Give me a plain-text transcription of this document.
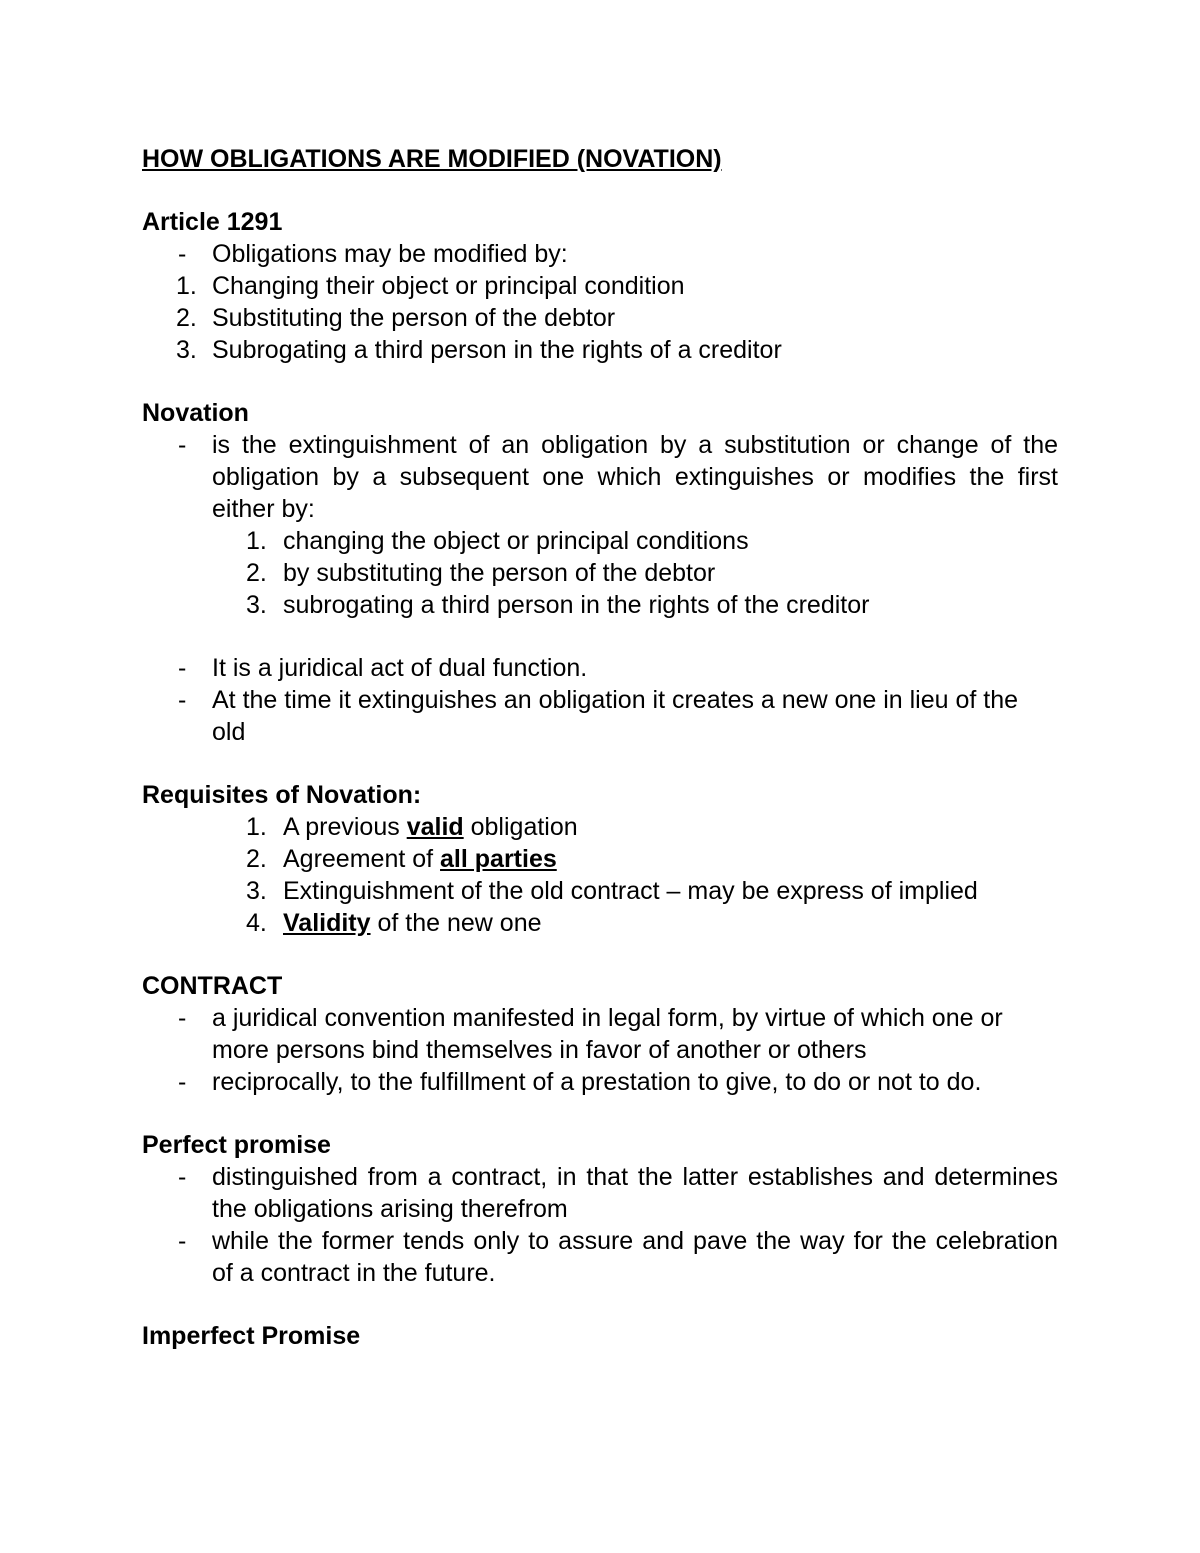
HOW OBLIGATIONS ARE MODIFIED (NOVATION)

Article 1291

- Obligations may be modified by:
1. Changing their object or principal condition
2. Substituting the person of the debtor
3. Subrogating a third person in the rights of a creditor

Novation

- is the extinguishment of an obligation by a substitution or change of the obligation by a subsequent one which extinguishes or modifies the first either by:
1. changing the object or principal conditions
2. by substituting the person of the debtor
3. subrogating a third person in the rights of the creditor
- It is a juridical act of dual function.
- At the time it extinguishes an obligation it creates a new one in lieu of the old

Requisites of Novation:

1. A previous valid obligation
2. Agreement of all parties
3. Extinguishment of the old contract – may be express of implied
4. Validity of the new one

CONTRACT

- a juridical convention manifested in legal form, by virtue of which one or more persons bind themselves in favor of another or others
- reciprocally, to the fulfillment of a prestation to give, to do or not to do.

Perfect promise

- distinguished from a contract, in that the latter establishes and determines the obligations arising therefrom
- while the former tends only to assure and pave the way for the celebration of a contract in the future.

Imperfect Promise
